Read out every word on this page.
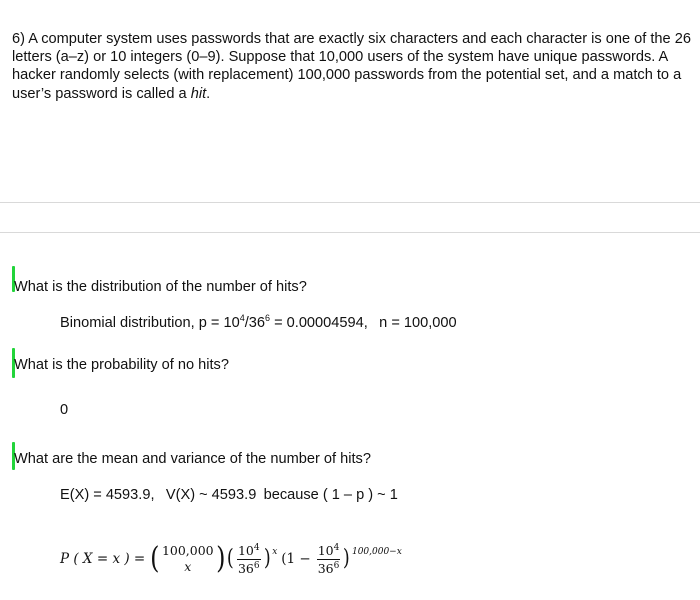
6) A computer system uses passwords that are exactly six characters and each character is one of the 26 letters (a–z) or 10 integers (0–9). Suppose that 10,000 users of the system have unique passwords. A hacker randomly selects (with replacement) 100,000 passwords from the potential set, and a match to a user’s password is called a hit.
What is the distribution of the number of hits?
Binomial distribution, $p = 10^4/36^6 = 0.00004594$,  n = 100,000
What is the probability of no hits?
0
What are the mean and variance of the number of hits?
E(X) = 4593.9,  V(X) ~ 4593.9 because ( 1 – p ) ~ 1
P ( X = x ) = ( 100,000
x ) ( $\frac{10^4}{36^6}$ ) x ($1 - \frac{10^4}{36^6}$ ) 100,000−x
